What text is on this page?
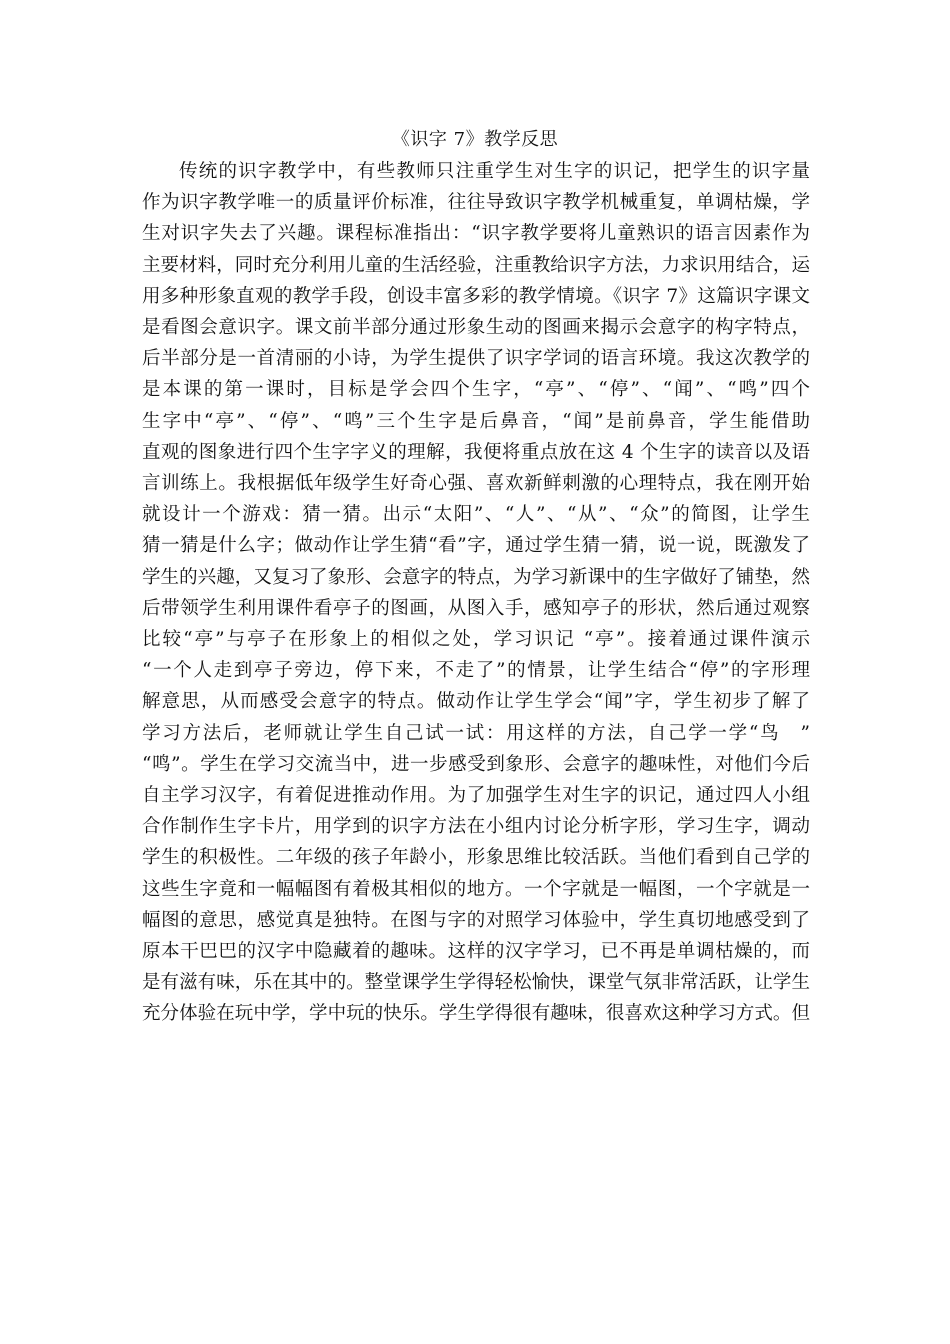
《识字 7》教学反思
传统的识字教学中，有些教师只注重学生对生字的识记，把学生的识字量
作为识字教学唯一的质量评价标准，往往导致识字教学机械重复，单调枯燥，学
生对识字失去了兴趣。课程标准指出：“识字教学要将儿童熟识的语言因素作为
主要材料，同时充分利用儿童的生活经验，注重教给识字方法，力求识用结合，运
用多种形象直观的教学手段，创设丰富多彩的教学情境。《识字 7》这篇识字课文
是看图会意识字。课文前半部分通过形象生动的图画来揭示会意字的构字特点，
后半部分是一首清丽的小诗，为学生提供了识字学词的语言环境。我这次教学的
是本课的第一课时，目标是学会四个生字，“亭”、“停”、“闻”、“鸣”四个
生字中“亭”、“停”、“鸣”三个生字是后鼻音，“闻”是前鼻音，学生能借助
直观的图象进行四个生字字义的理解，我便将重点放在这 4 个生字的读音以及语
言训练上。我根据低年级学生好奇心强、喜欢新鲜刺激的心理特点，我在刚开始
就设计一个游戏：猜一猜。出示“太阳”、“人”、“从”、“众”的简图，让学生
猜一猜是什么字；做动作让学生猜“看”字，通过学生猜一猜，说一说，既激发了
学生的兴趣，又复习了象形、会意字的特点，为学习新课中的生字做好了铺垫，然
后带领学生利用课件看亭子的图画，从图入手，感知亭子的形状，然后通过观察
比较“亭”与亭子在形象上的相似之处，学习识记 “亭”。接着通过课件演示
“一个人走到亭子旁边，停下来，不走了”的情景，让学生结合“停”的字形理
解意思，从而感受会意字的特点。做动作让学生学会“闻”字，学生初步了解了
学习方法后，老师就让学生自己试一试：用这样的方法，自己学一学“鸟　”
“鸣”。学生在学习交流当中，进一步感受到象形、会意字的趣味性，对他们今后
自主学习汉字，有着促进推动作用。为了加强学生对生字的识记，通过四人小组
合作制作生字卡片，用学到的识字方法在小组内讨论分析字形，学习生字，调动
学生的积极性。二年级的孩子年龄小，形象思维比较活跃。当他们看到自己学的
这些生字竟和一幅幅图有着极其相似的地方。一个字就是一幅图，一个字就是一
幅图的意思，感觉真是独特。在图与字的对照学习体验中，学生真切地感受到了
原本干巴巴的汉字中隐藏着的趣味。这样的汉字学习，已不再是单调枯燥的，而
是有滋有味，乐在其中的。整堂课学生学得轻松愉快，课堂气氛非常活跃，让学生
充分体验在玩中学，学中玩的快乐。学生学得很有趣味，很喜欢这种学习方式。但
